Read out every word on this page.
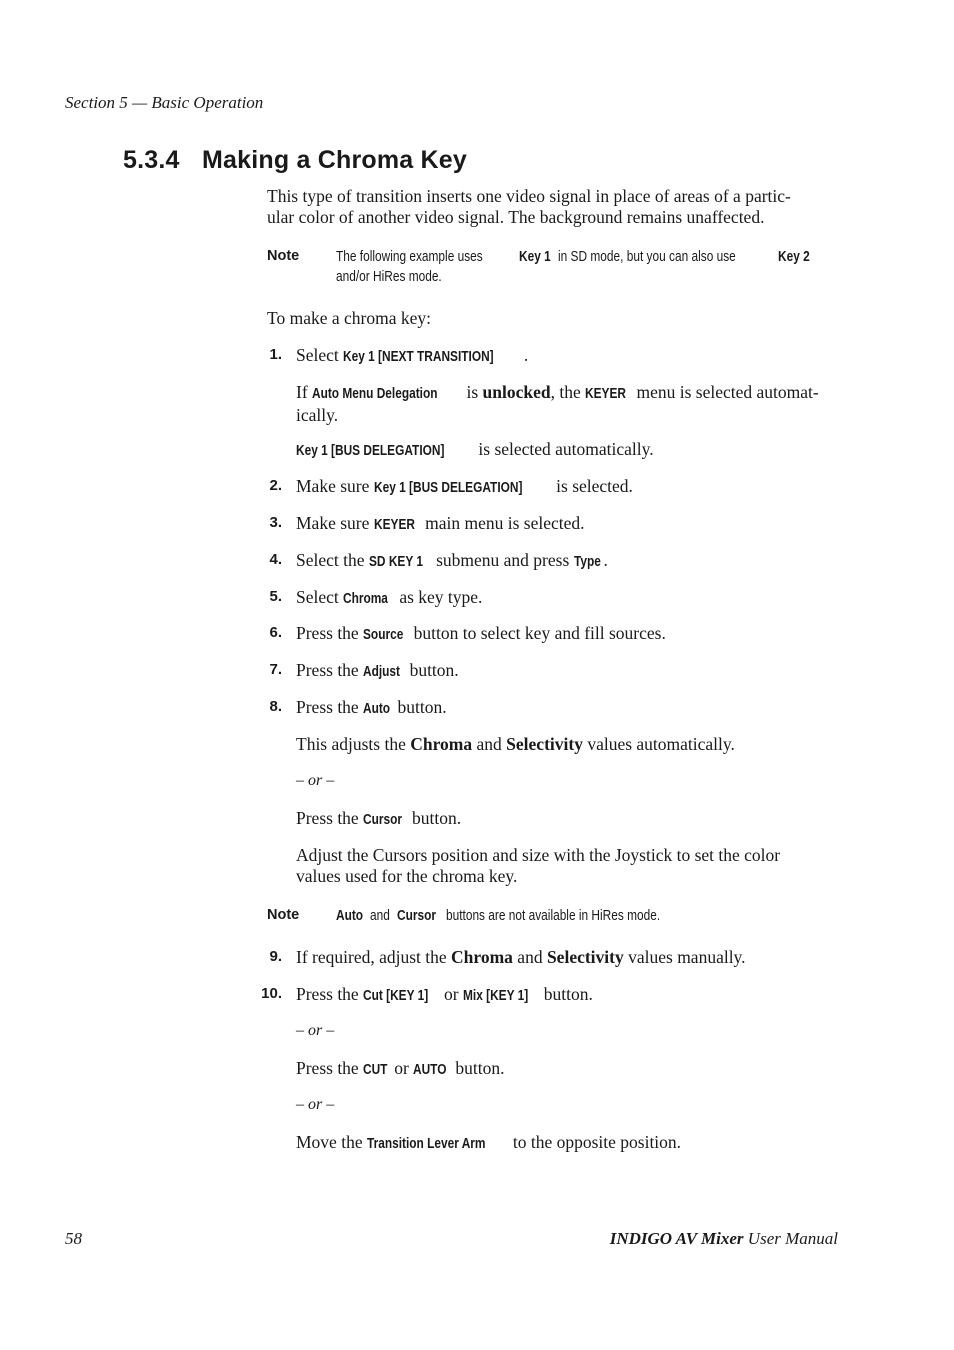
Section 5 — Basic Operation
5.3.4 Making a Chroma Key
This type of transition inserts one video signal in place of areas of a partic-
ular color of another video signal. The background remains unaffected.
Note	The following example uses Key 1 in SD mode, but you can also use	Key 2
and/or HiRes mode.
To make a chroma key:
1. Select Key 1 [NEXT TRANSITION] .
If Auto Menu Delegation is unlocked, the KEYER menu is selected automat-
ically.
Key 1 [BUS DELEGATION] is selected automatically.
2. Make sure Key 1 [BUS DELEGATION] is selected.
3. Make sure KEYER main menu is selected.
4. Select the SD KEY 1 submenu and press Type .
5. Select Chroma as key type.
6. Press the Source button to select key and fill sources.
7. Press the Adjust button.
8. Press the Auto button.
This adjusts the Chroma and Selectivity values automatically.
– or –
Press the Cursor button.
Adjust the Cursors position and size with the Joystick to set the color
values used for the chroma key.
Note	Auto and Cursor buttons are not available in HiRes mode.
9. If required, adjust the Chroma and Selectivity values manually.
10. Press the Cut [KEY 1] or Mix [KEY 1] button.
– or –
Press the CUT or AUTO button.
– or –
Move the Transition Lever Arm to the opposite position.
58	INDIGO AV Mixer User Manual
